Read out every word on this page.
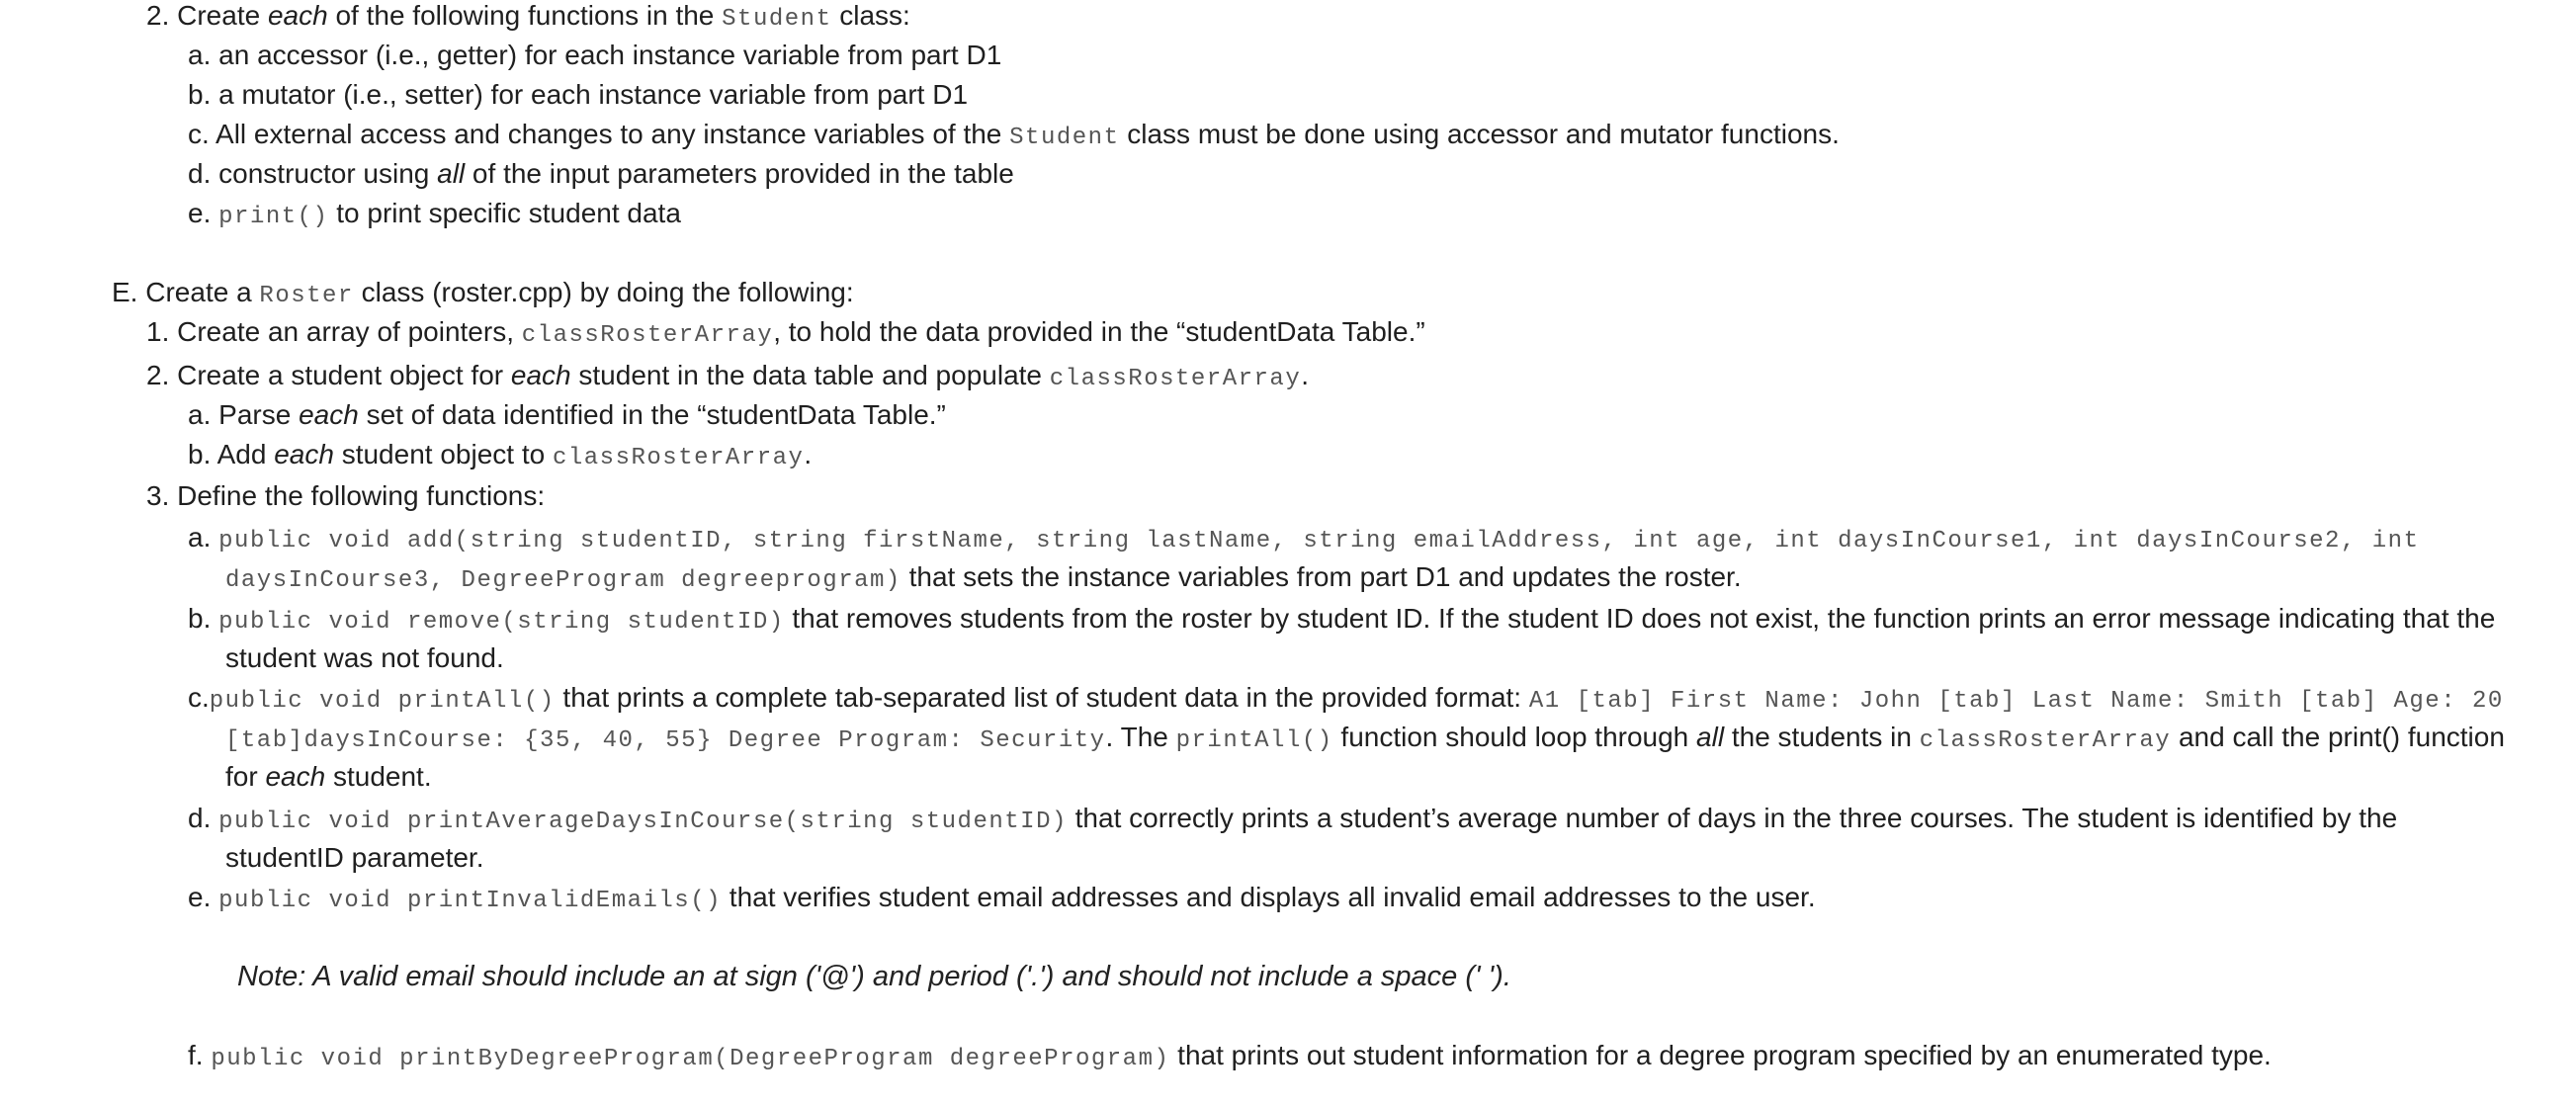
2. Create each of the following functions in the Student class:
a. an accessor (i.e., getter) for each instance variable from part D1
b. a mutator (i.e., setter) for each instance variable from part D1
c. All external access and changes to any instance variables of the Student class must be done using accessor and mutator functions.
d. constructor using all of the input parameters provided in the table
e. print() to print specific student data
E. Create a Roster class (roster.cpp) by doing the following:
1. Create an array of pointers, classRosterArray, to hold the data provided in the “studentData Table.”
2. Create a student object for each student in the data table and populate classRosterArray.
a. Parse each set of data identified in the “studentData Table.”
b. Add each student object to classRosterArray.
3. Define the following functions:
a. public void add(string studentID, string firstName, string lastName, string emailAddress, int age, int daysInCourse1, int daysInCourse2, int
daysInCourse3, DegreeProgram degreeprogram) that sets the instance variables from part D1 and updates the roster.
b. public void remove(string studentID) that removes students from the roster by student ID. If the student ID does not exist, the function prints an error message indicating that the
student was not found.
c.public void printAll() that prints a complete tab-separated list of student data in the provided format: A1 [tab] First Name: John [tab] Last Name: Smith [tab] Age: 20
[tab]daysInCourse: {35, 40, 55} Degree Program: Security. The printAll() function should loop through all the students in classRosterArray and call the print() function
for each student.
d. public void printAverageDaysInCourse(string studentID) that correctly prints a student’s average number of days in the three courses. The student is identified by the
studentID parameter.
e. public void printInvalidEmails() that verifies student email addresses and displays all invalid email addresses to the user.
Note: A valid email should include an at sign ('@') and period ('.') and should not include a space (' ').
f. public void printByDegreeProgram(DegreeProgram degreeProgram) that prints out student information for a degree program specified by an enumerated type.
